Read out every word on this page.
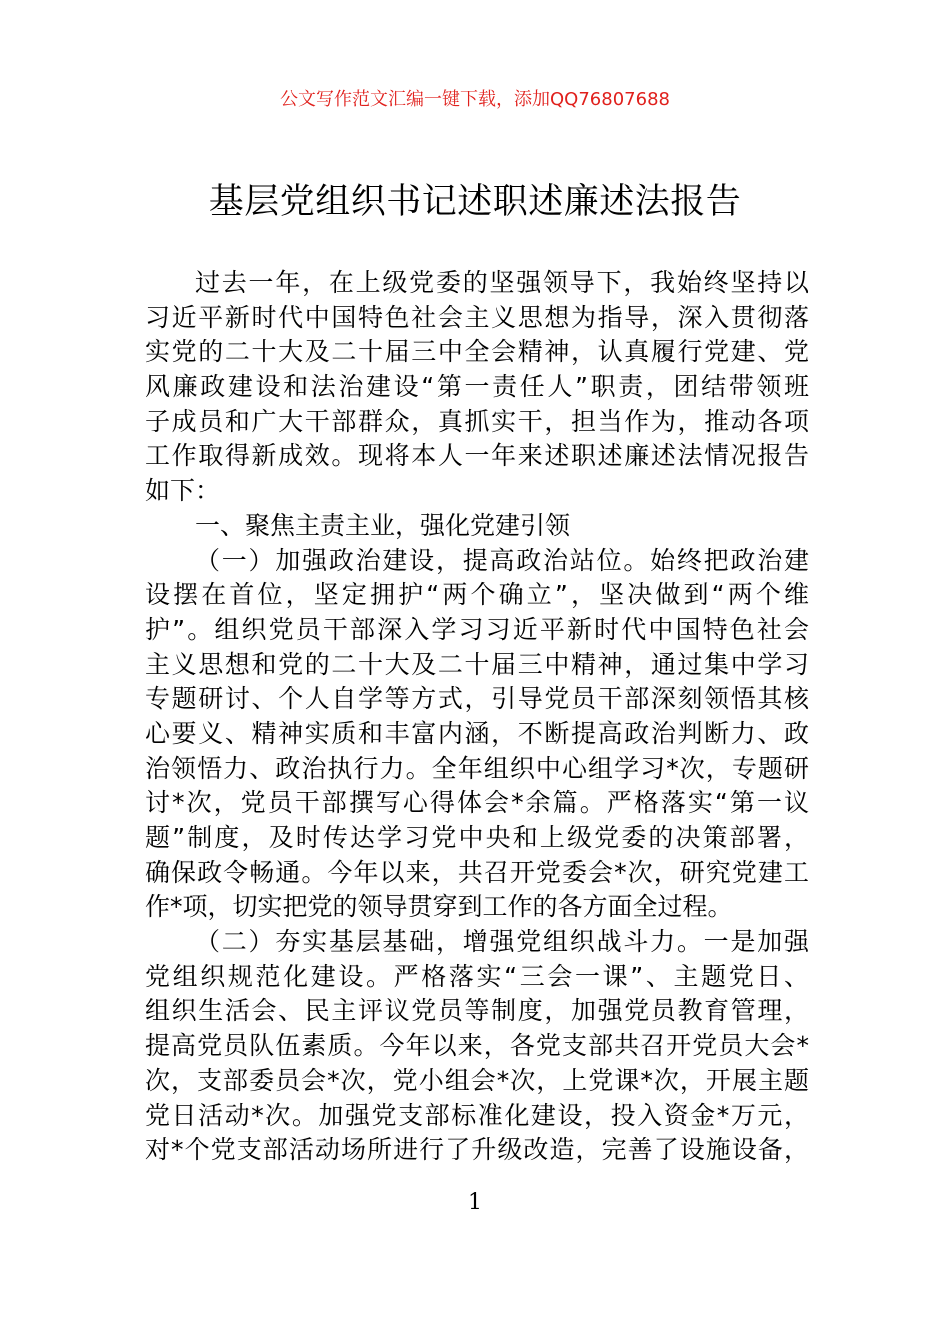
公文写作范文汇编一键下载，添加QQ76807688
基层党组织书记述职述廉述法报告
过去一年，在上级党委的坚强领导下，我始终坚持以
习近平新时代中国特色社会主义思想为指导，深入贯彻落
实党的二十大及二十届三中全会精神，认真履行党建、党
风廉政建设和法治建设“第一责任人”职责，团结带领班
子成员和广大干部群众，真抓实干，担当作为，推动各项
工作取得新成效。现将本人一年来述职述廉述法情况报告
如下：
一、聚焦主责主业，强化党建引领
（一）加强政治建设，提高政治站位。始终把政治建
设摆在首位，坚定拥护“两个确立”，坚决做到“两个维
护”。组织党员干部深入学习习近平新时代中国特色社会
主义思想和党的二十大及二十届三中精神，通过集中学习
专题研讨、个人自学等方式，引导党员干部深刻领悟其核
心要义、精神实质和丰富内涵，不断提高政治判断力、政
治领悟力、政治执行力。全年组织中心组学习*次，专题研
讨*次，党员干部撰写心得体会*余篇。严格落实“第一议
题”制度，及时传达学习党中央和上级党委的决策部署，
确保政令畅通。今年以来，共召开党委会*次，研究党建工
作*项，切实把党的领导贯穿到工作的各方面全过程。
（二）夯实基层基础，增强党组织战斗力。一是加强
党组织规范化建设。严格落实“三会一课”、主题党日、
组织生活会、民主评议党员等制度，加强党员教育管理，
提高党员队伍素质。今年以来，各党支部共召开党员大会*
次，支部委员会*次，党小组会*次，上党课*次，开展主题
党日活动*次。加强党支部标准化建设，投入资金*万元，
对*个党支部活动场所进行了升级改造，完善了设施设备，
1
